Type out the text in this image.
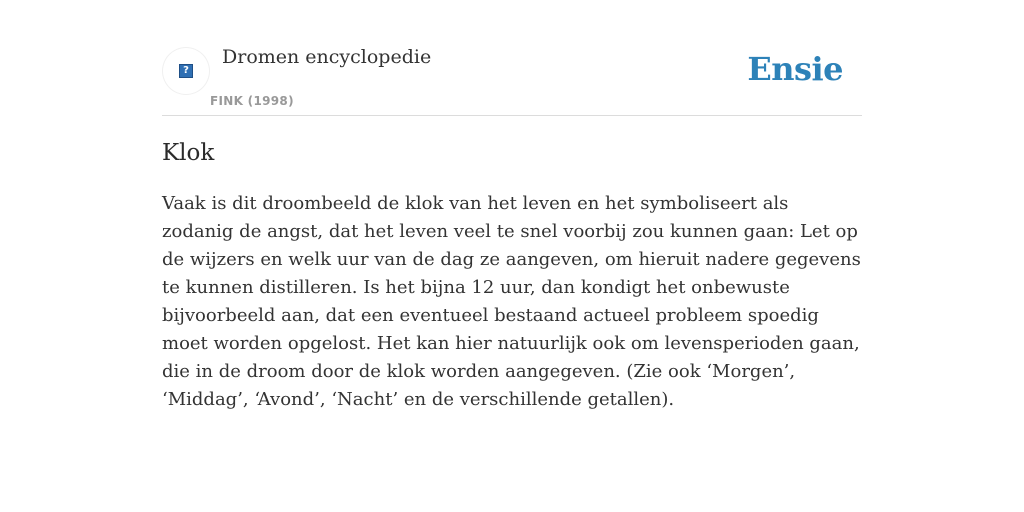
?
Dromen encyclopedie
FINK (1998)
Ensie
Klok

Vaak is dit droombeeld de klok van het leven en het symboliseert als zodanig de angst, dat het leven veel te snel voorbij zou kunnen gaan: Let op de wijzers en welk uur van de dag ze aangeven, om hieruit nadere gegevens te kunnen distilleren. Is het bijna 12 uur, dan kondigt het onbewuste bijvoorbeeld aan, dat een eventueel bestaand actueel probleem spoedig moet worden opgelost. Het kan hier natuurlijk ook om levensperioden gaan, die in de droom door de klok worden aangegeven. (Zie ook ‘Morgen’, ‘Middag’, ‘Avond’, ‘Nacht’ en de verschillende getallen).
